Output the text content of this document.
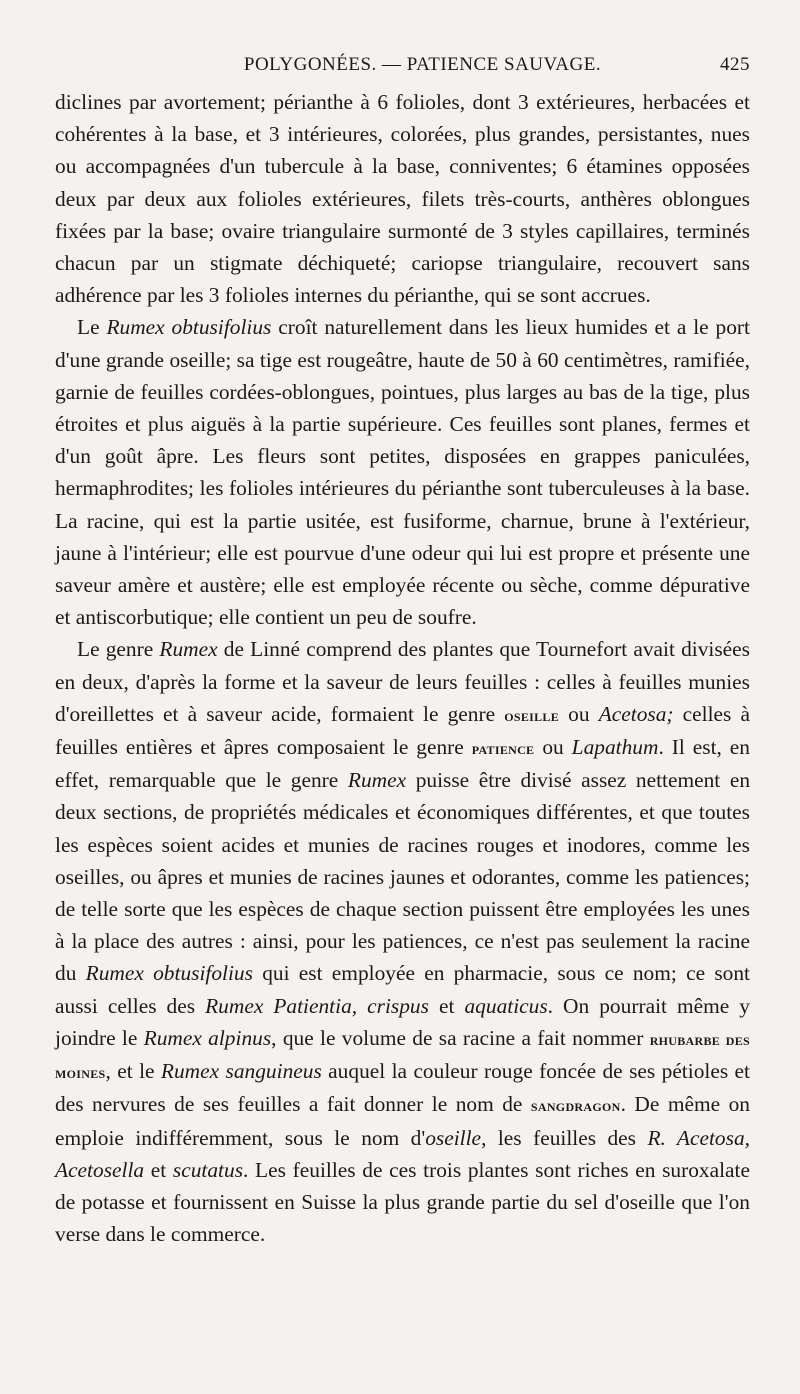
POLYGONÉES. — PATIENCE SAUVAGE.	425

diclines par avortement; périanthe à 6 folioles, dont 3 extérieures, herbacées et cohérentes à la base, et 3 intérieures, colorées, plus grandes, persistantes, nues ou accompagnées d'un tubercule à la base, conniventes; 6 étamines opposées deux par deux aux folioles extérieures, filets très-courts, anthères oblongues fixées par la base; ovaire triangulaire surmonté de 3 styles capillaires, terminés chacun par un stigmate déchiqueté; cariopse triangulaire, recouvert sans adhérence par les 3 folioles internes du périanthe, qui se sont accrues.

Le Rumex obtusifolius croît naturellement dans les lieux humides et a le port d'une grande oseille; sa tige est rougeâtre, haute de 50 à 60 centimètres, ramifiée, garnie de feuilles cordées-oblongues, pointues, plus larges au bas de la tige, plus étroites et plus aiguës à la partie supérieure. Ces feuilles sont planes, fermes et d'un goût âpre. Les fleurs sont petites, disposées en grappes paniculées, hermaphrodites; les folioles intérieures du périanthe sont tuberculeuses à la base. La racine, qui est la partie usitée, est fusiforme, charnue, brune à l'extérieur, jaune à l'intérieur; elle est pourvue d'une odeur qui lui est propre et présente une saveur amère et austère; elle est employée récente ou sèche, comme dépurative et antiscorbutique; elle contient un peu de soufre.

Le genre Rumex de Linné comprend des plantes que Tournefort avait divisées en deux, d'après la forme et la saveur de leurs feuilles : celles à feuilles munies d'oreillettes et à saveur acide, formaient le genre oseille ou Acetosa; celles à feuilles entières et âpres composaient le genre patience ou Lapathum. Il est, en effet, remarquable que le genre Rumex puisse être divisé assez nettement en deux sections, de propriétés médicales et économiques différentes, et que toutes les espèces soient acides et munies de racines rouges et inodores, comme les oseilles, ou âpres et munies de racines jaunes et odorantes, comme les patiences; de telle sorte que les espèces de chaque section puissent être employées les unes à la place des autres : ainsi, pour les patiences, ce n'est pas seulement la racine du Rumex obtusifolius qui est employée en pharmacie, sous ce nom; ce sont aussi celles des Rumex Patientia, crispus et aquaticus. On pourrait même y joindre le Rumex alpinus, que le volume de sa racine a fait nommer rhubarbe des moines, et le Rumex sanguineus auquel la couleur rouge foncée de ses pétioles et des nervures de ses feuilles a fait donner le nom de sangdragon. De même on emploie indifféremment, sous le nom d'oseille, les feuilles des R. Acetosa, Acetosella et scutatus. Les feuilles de ces trois plantes sont riches en suroxalate de potasse et fournissent en Suisse la plus grande partie du sel d'oseille que l'on verse dans le commerce.
